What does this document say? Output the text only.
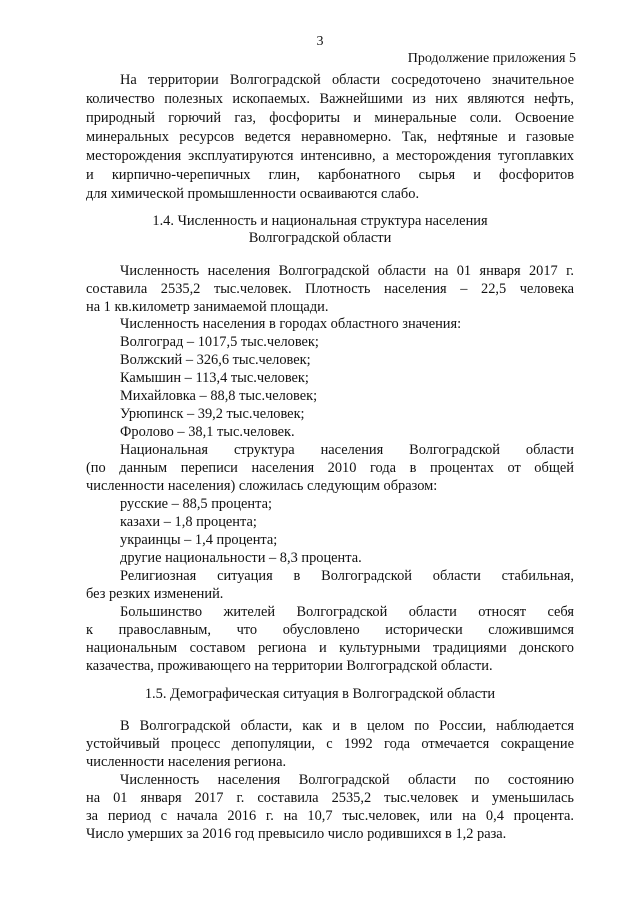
3
Продолжение приложения 5
На территории Волгоградской области сосредоточено значительное
количество полезных ископаемых. Важнейшими из них являются нефть,
природный горючий газ, фосфориты и минеральные соли. Освоение
минеральных ресурсов ведется неравномерно. Так, нефтяные и газовые
месторождения эксплуатируются интенсивно, а месторождения тугоплавких
и кирпично-черепичных глин, карбонатного сырья и фосфоритов
для химической промышленности осваиваются слабо.
1.4. Численность и национальная структура населения
Волгоградской области
Численность населения Волгоградской области на 01 января 2017 г.
составила 2535,2 тыс.человек. Плотность населения – 22,5 человека
на 1 кв.километр занимаемой площади.
Численность населения в городах областного значения:
Волгоград – 1017,5 тыс.человек;
Волжский – 326,6 тыс.человек;
Камышин – 113,4 тыс.человек;
Михайловка – 88,8 тыс.человек;
Урюпинск – 39,2 тыс.человек;
Фролово – 38,1 тыс.человек.
Национальная структура населения Волгоградской области
(по данным переписи населения 2010 года в процентах от общей
численности населения) сложилась следующим образом:
русские – 88,5 процента;
казахи – 1,8 процента;
украинцы – 1,4 процента;
другие национальности – 8,3 процента.
Религиозная ситуация в Волгоградской области стабильная,
без резких изменений.
Большинство жителей Волгоградской области относят себя
к православным, что обусловлено исторически сложившимся
национальным составом региона и культурными традициями донского
казачества, проживающего на территории Волгоградской области.
1.5. Демографическая ситуация в Волгоградской области
В Волгоградской области, как и в целом по России, наблюдается
устойчивый процесс депопуляции, с 1992 года отмечается сокращение
численности населения региона.
Численность населения Волгоградской области по состоянию
на 01 января 2017 г. составила 2535,2 тыс.человек и уменьшилась
за период с начала 2016 г. на 10,7 тыс.человек, или на 0,4 процента.
Число умерших за 2016 год превысило число родившихся в 1,2 раза.
